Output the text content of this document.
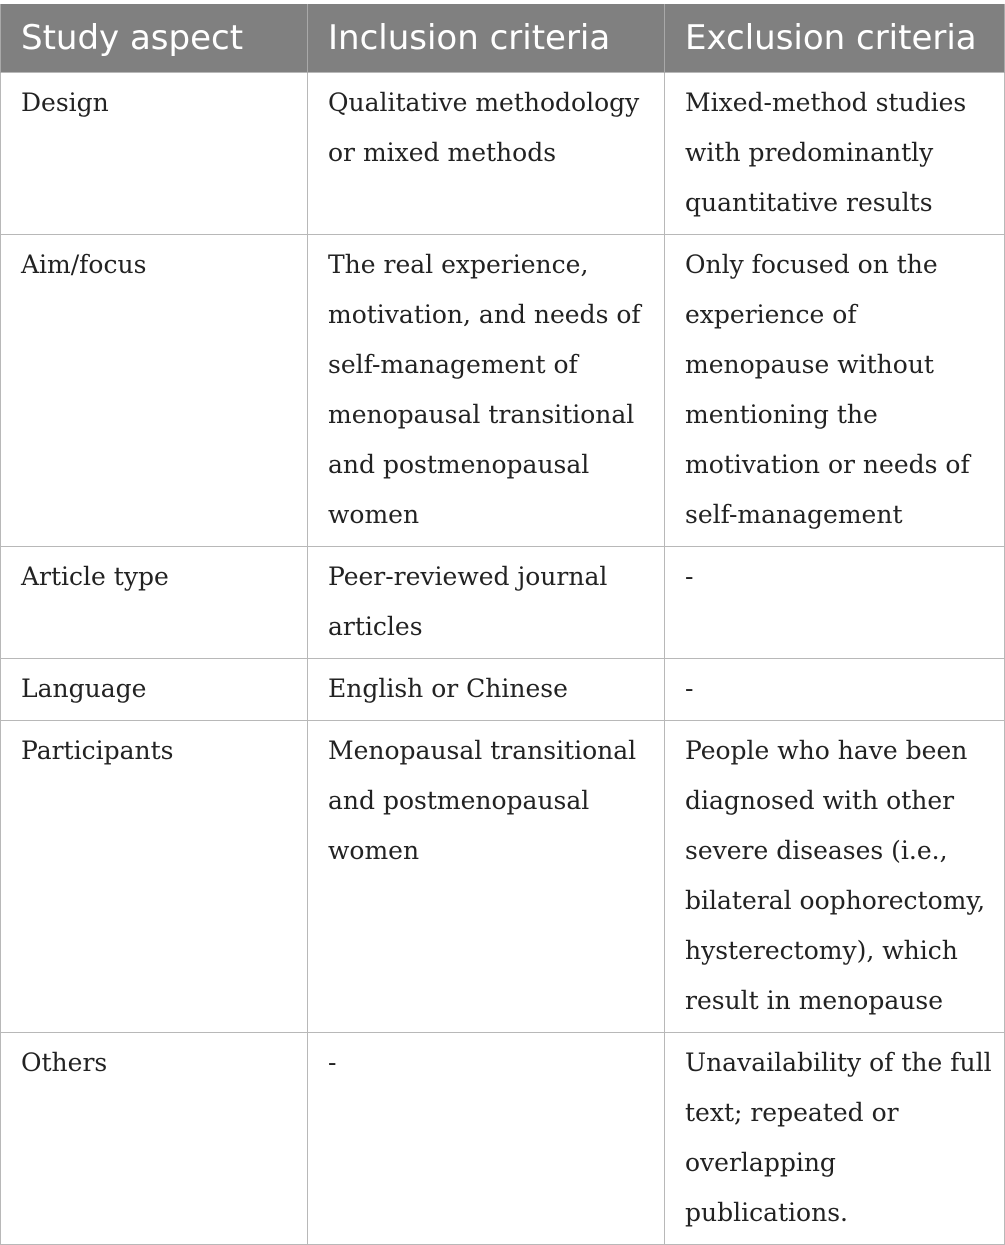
Study aspect	Inclusion criteria	Exclusion criteria
Design	Qualitative methodology or mixed methods	Mixed-method studies with predominantly quantitative results
Aim/focus	The real experience, motivation, and needs of self-management of menopausal transitional and postmenopausal women	Only focused on the experience of menopause without mentioning the motivation or needs of self-management
Article type	Peer-reviewed journal articles	-
Language	English or Chinese	-
Participants	Menopausal transitional and postmenopausal women	People who have been diagnosed with other severe diseases (i.e., bilateral oophorectomy, hysterectomy), which result in menopause
Others	-	Unavailability of the full text; repeated or overlapping publications.
